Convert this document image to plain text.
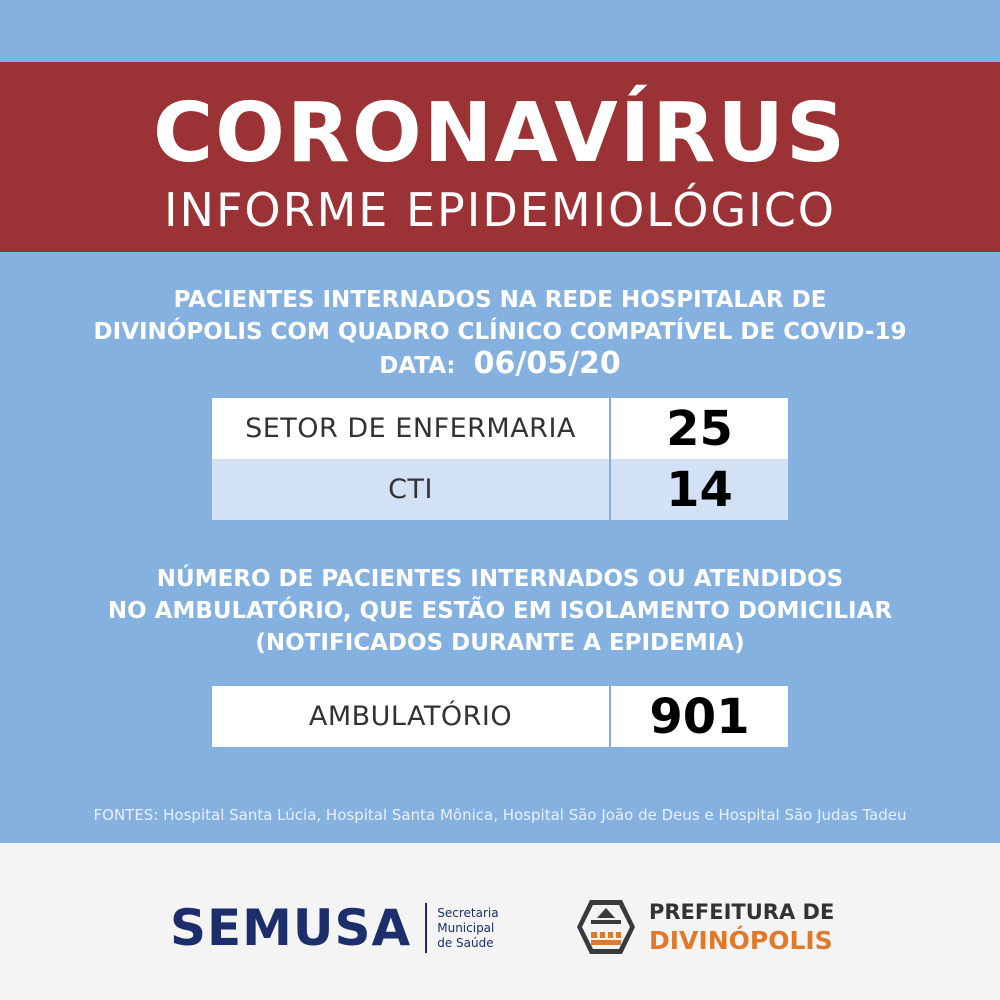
CORONAVÍRUS
INFORME EPIDEMIOLÓGICO
PACIENTES INTERNADOS NA REDE HOSPITALAR DE
DIVINÓPOLIS COM QUADRO CLÍNICO COMPATÍVEL DE COVID-19
DATA: 06/05/20
SETOR DE ENFERMARIA	25
CTI	14
NÚMERO DE PACIENTES INTERNADOS OU ATENDIDOS
NO AMBULATÓRIO, QUE ESTÃO EM ISOLAMENTO DOMICILIAR
(NOTIFICADOS DURANTE A EPIDEMIA)
AMBULATÓRIO	901
FONTES: Hospital Santa Lúcia, Hospital Santa Mônica, Hospital São João de Deus e Hospital São Judas Tadeu
SEMUSA Secretaria
Municipal
de Saúde
PREFEITURA DE
DIVINÓPOLIS
